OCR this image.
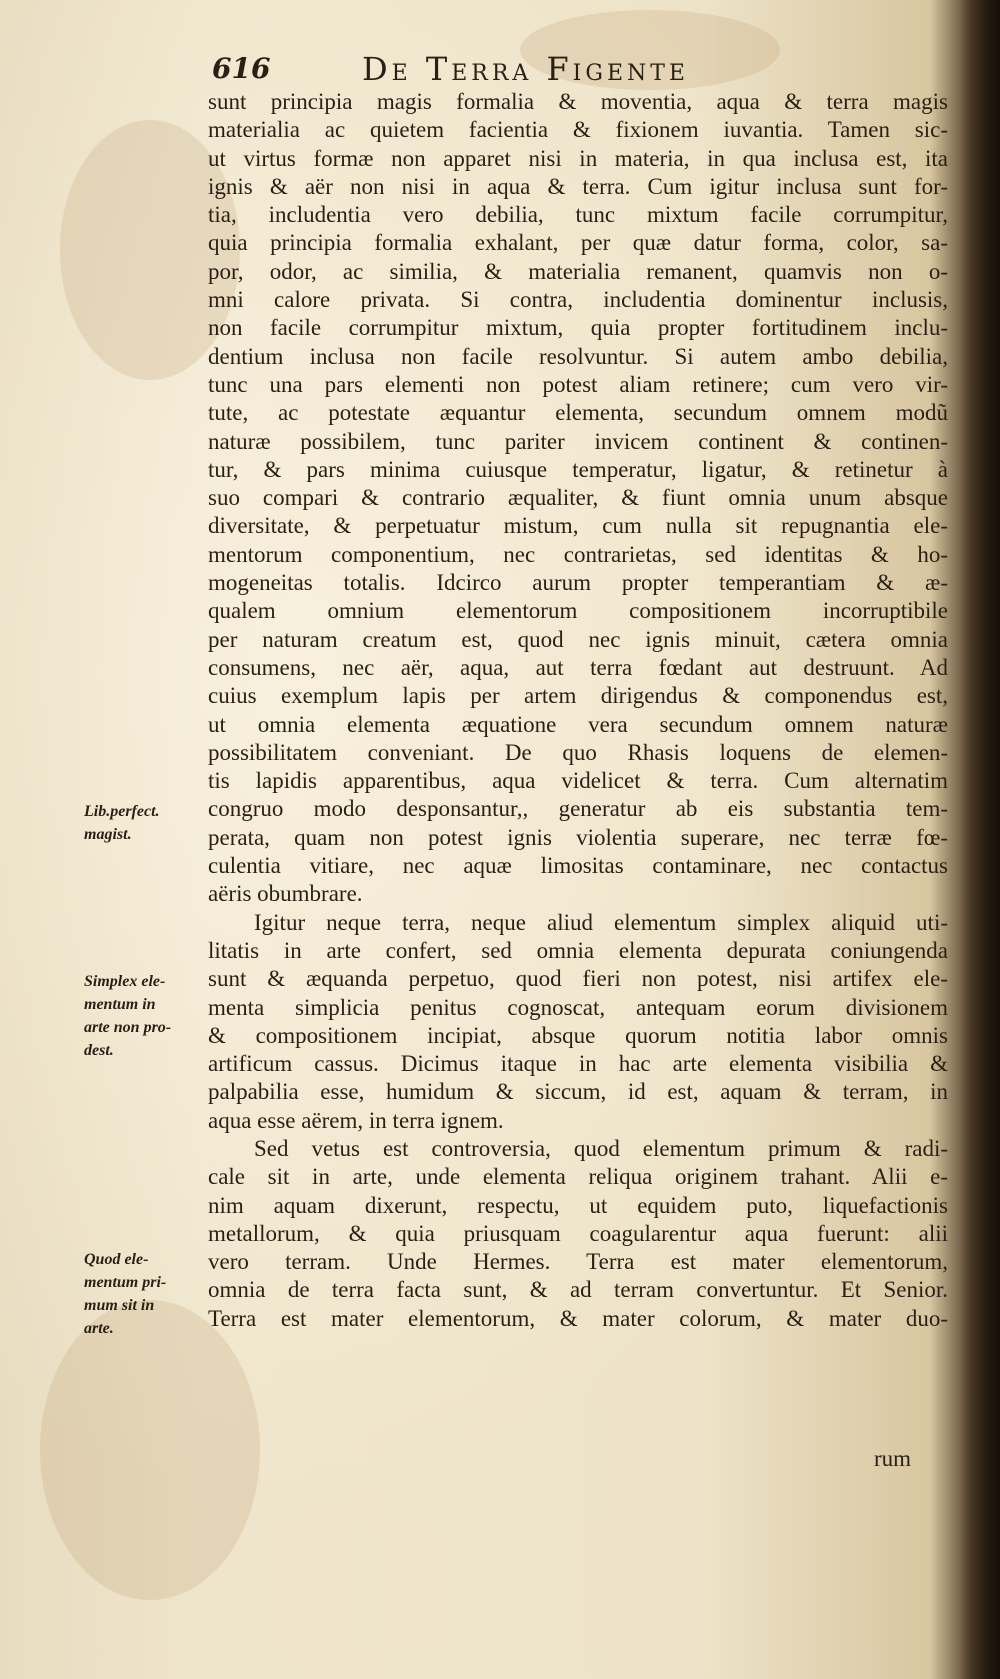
616	De Terra Figente
sunt principia magis formalia & moventia, aqua & terra magis
materialia ac quietem facientia & fixionem iuvantia. Tamen sic-
ut virtus formæ non apparet nisi in materia, in qua inclusa est, ita
ignis & aër non nisi in aqua & terra. Cum igitur inclusa sunt for-
tia, includentia vero debilia, tunc mixtum facile corrumpitur,
quia principia formalia exhalant, per quæ datur forma, color, sa-
por, odor, ac similia, & materialia remanent, quamvis non o-
mni calore privata. Si contra, includentia dominentur inclusis,
non facile corrumpitur mixtum, quia propter fortitudinem inclu-
dentium inclusa non facile resolvuntur. Si autem ambo debilia,
tunc una pars elementi non potest aliam retinere; cum vero vir-
tute, ac potestate æquantur elementa, secundum omnem modũ
naturæ possibilem, tunc pariter invicem continent & continen-
tur, & pars minima cuiusque temperatur, ligatur, & retinetur à
suo compari & contrario æqualiter, & fiunt omnia unum absque
diversitate, & perpetuatur mistum, cum nulla sit repugnantia ele-
mentorum componentium, nec contrarietas, sed identitas & ho-
mogeneitas totalis. Idcirco aurum propter temperantiam & æ-
qualem omnium elementorum compositionem incorruptibile
per naturam creatum est, quod nec ignis minuit, cætera omnia
consumens, nec aër, aqua, aut terra fœdant aut destruunt. Ad
cuius exemplum lapis per artem dirigendus & componendus est,
ut omnia elementa æquatione vera secundum omnem naturæ
possibilitatem conveniant. De quo Rhasis loquens de elemen-
tis lapidis apparentibus, aqua videlicet & terra. Cum alternatim
congruo modo desponsantur,, generatur ab eis substantia tem-
perata, quam non potest ignis violentia superare, nec terræ fœ-
culentia vitiare, nec aquæ limositas contaminare, nec contactus
aëris obumbrare.
Igitur neque terra, neque aliud elementum simplex aliquid uti-
litatis in arte confert, sed omnia elementa depurata coniungenda
sunt & æquanda perpetuo, quod fieri non potest, nisi artifex ele-
menta simplicia penitus cognoscat, antequam eorum divisionem
& compositionem incipiat, absque quorum notitia labor omnis
artificum cassus. Dicimus itaque in hac arte elementa visibilia &
palpabilia esse, humidum & siccum, id est, aquam & terram, in
aqua esse aërem, in terra ignem.
Sed vetus est controversia, quod elementum primum & radi-
cale sit in arte, unde elementa reliqua originem trahant. Alii e-
nim aquam dixerunt, respectu, ut equidem puto, liquefactionis
metallorum, & quia priusquam coagularentur aqua fuerunt: alii
vero terram. Unde Hermes. Terra est mater elementorum,
omnia de terra facta sunt, & ad terram convertuntur. Et Senior.
Terra est mater elementorum, & mater colorum, & mater duo-
Lib.perfect.
magist.
Simplex ele-
mentum in
arte non pro-
dest.
Quod ele-
mentum pri-
mum sit in
arte.
rum
